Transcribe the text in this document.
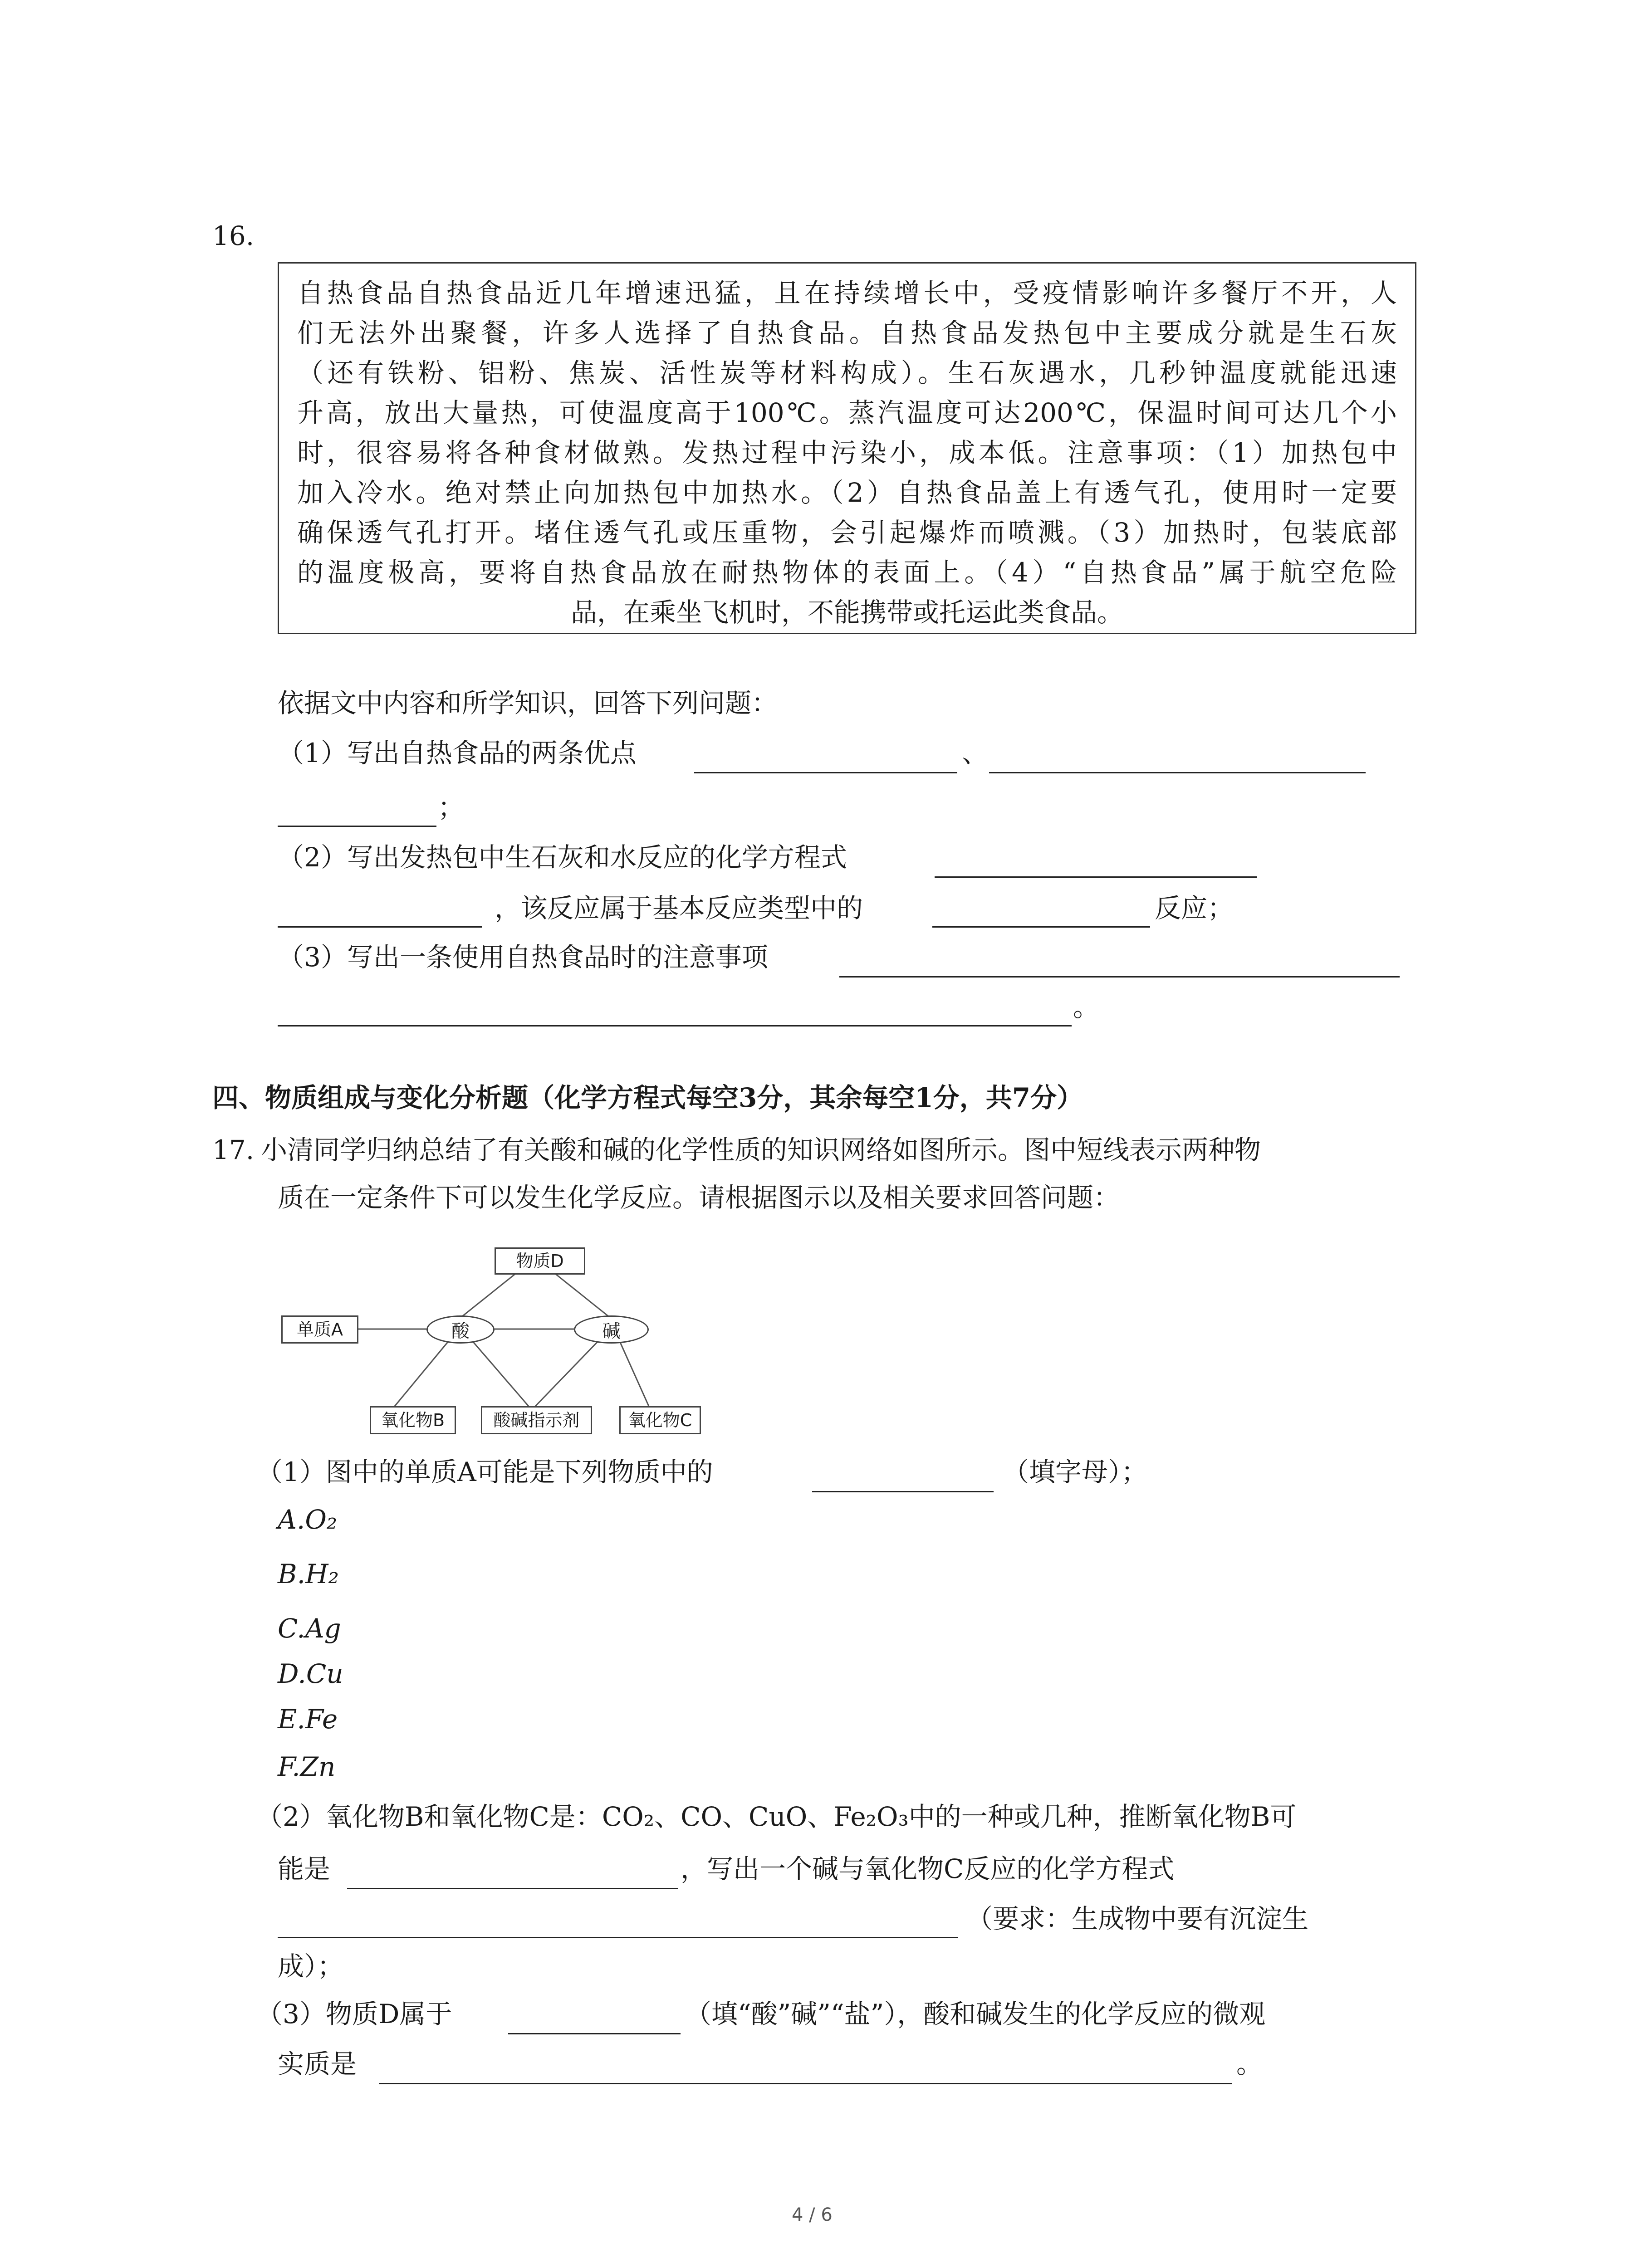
16.
自热食品自热食品近几年增速迅猛，且在持续增长中，受疫情影响许多餐厅不开，人
们无法外出聚餐，许多人选择了自热食品。自热食品发热包中主要成分就是生石灰
（还有铁粉、铝粉、焦炭、活性炭等材料构成）。生石灰遇水，几秒钟温度就能迅速
升高，放出大量热，可使温度高于100℃。蒸汽温度可达200℃，保温时间可达几个小
时，很容易将各种食材做熟。发热过程中污染小，成本低。注意事项：（1）加热包中
加入冷水。绝对禁止向加热包中加热水。（2）自热食品盖上有透气孔，使用时一定要
确保透气孔打开。堵住透气孔或压重物，会引起爆炸而喷溅。（3）加热时，包装底部
的温度极高，要将自热食品放在耐热物体的表面上。（4）“自热食品”属于航空危险
品，在乘坐飞机时，不能携带或托运此类食品。
依据文中内容和所学知识，回答下列问题：
（1）写出自热食品的两条优点	、
；
（2）写出发热包中生石灰和水反应的化学方程式
，该反应属于基本反应类型中的	反应；
（3）写出一条使用自热食品时的注意事项
。
四、物质组成与变化分析题（化学方程式每空3分，其余每空1分，共7分）
17. 小清同学归纳总结了有关酸和碱的化学性质的知识网络如图所示。图中短线表示两种物
质在一定条件下可以发生化学反应。请根据图示以及相关要求回答问题：
物质D
单质A	酸	碱
氧化物B	酸碱指示剂	氧化物C
（1）图中的单质A可能是下列物质中的	（填字母）；
A.O₂
B.H₂
C.Ag
D.Cu
E.Fe
F.Zn
（2）氧化物B和氧化物C是：CO₂、CO、CuO、Fe₂O₃中的一种或几种，推断氧化物B可
能是	，写出一个碱与氧化物C反应的化学方程式
（要求：生成物中要有沉淀生
成）；
（3）物质D属于	（填“酸”碱”“盐”），酸和碱发生的化学反应的微观
实质是	。
4 / 6
